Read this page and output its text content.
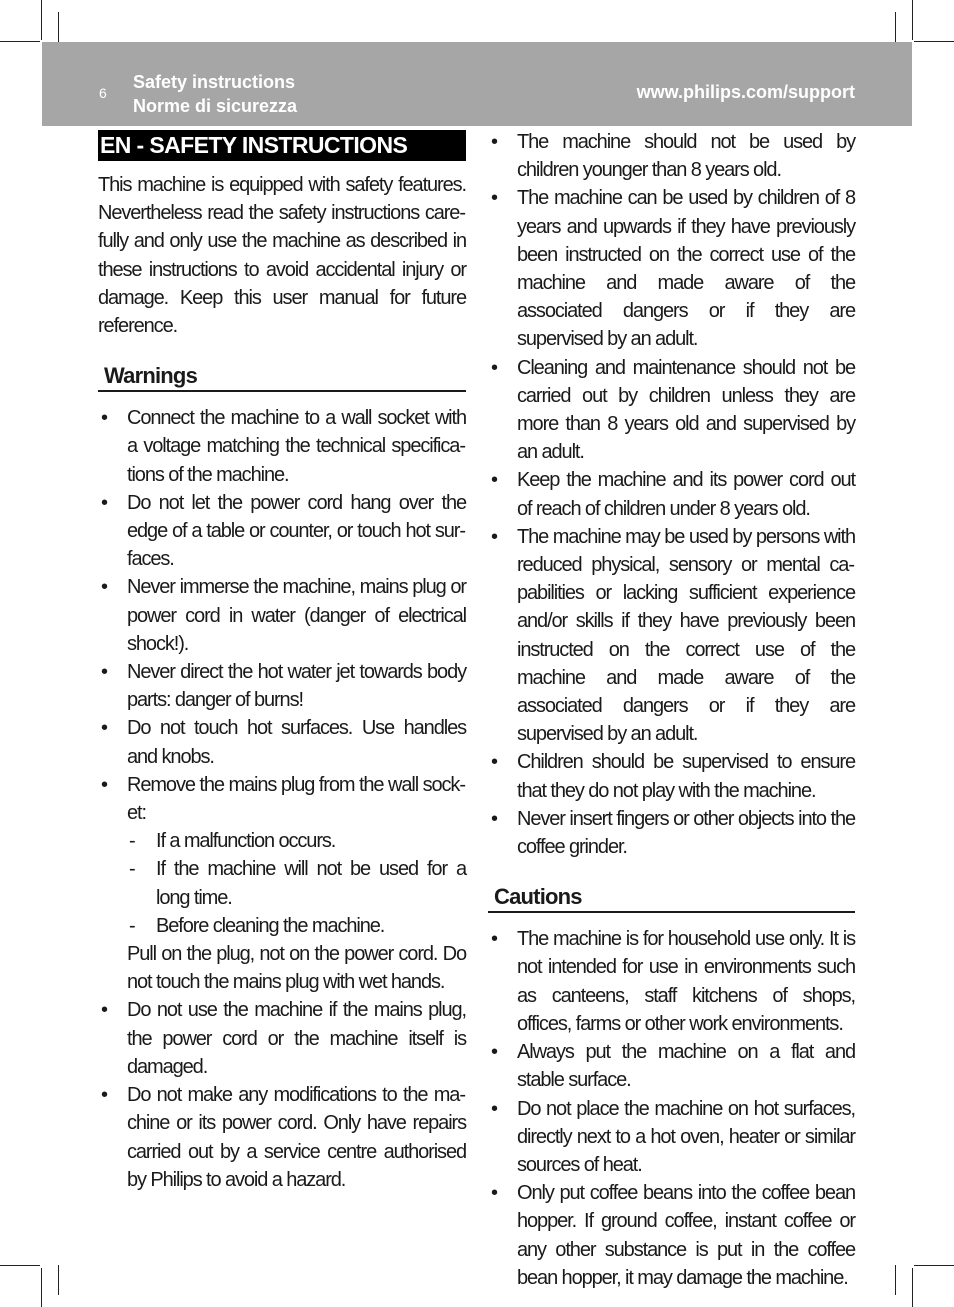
6
Safety instructions
Norme di sicurezza
www.philips.com/support
EN - SAFETY INSTRUCTIONS
This machine is equipped with safety features. Nevertheless read the safety instructions carefully and only use the machine as described in these instructions to avoid accidental injury or damage. Keep this user manual for future reference.
Warnings
• Connect the machine to a wall socket with a voltage matching the technical specifications of the machine.
• Do not let the power cord hang over the edge of a table or counter, or touch hot surfaces.
• Never immerse the machine, mains plug or power cord in water (danger of electrical shock!).
• Never direct the hot water jet towards body parts: danger of burns!
• Do not touch hot surfaces. Use handles and knobs.
• Remove the mains plug from the wall socket:
- If a malfunction occurs.
- If the machine will not be used for a long time.
- Before cleaning the machine.
Pull on the plug, not on the power cord. Do not touch the mains plug with wet hands.
• Do not use the machine if the mains plug, the power cord or the machine itself is damaged.
• Do not make any modifications to the machine or its power cord. Only have repairs carried out by a service centre authorised by Philips to avoid a hazard.
• The machine should not be used by children younger than 8 years old.
• The machine can be used by children of 8 years and upwards if they have previously been instructed on the correct use of the machine and made aware of the associated dangers or if they are supervised by an adult.
• Cleaning and maintenance should not be carried out by children unless they are more than 8 years old and supervised by an adult.
• Keep the machine and its power cord out of reach of children under 8 years old.
• The machine may be used by persons with reduced physical, sensory or mental capabilities or lacking sufficient experience and/or skills if they have previously been instructed on the correct use of the machine and made aware of the associated dangers or if they are supervised by an adult.
• Children should be supervised to ensure that they do not play with the machine.
• Never insert fingers or other objects into the coffee grinder.
Cautions
• The machine is for household use only. It is not intended for use in environments such as canteens, staff kitchens of shops, offices, farms or other work environments.
• Always put the machine on a flat and stable surface.
• Do not place the machine on hot surfaces, directly next to a hot oven, heater or similar sources of heat.
• Only put coffee beans into the coffee bean hopper. If ground coffee, instant coffee or any other substance is put in the coffee bean hopper, it may damage the machine.
